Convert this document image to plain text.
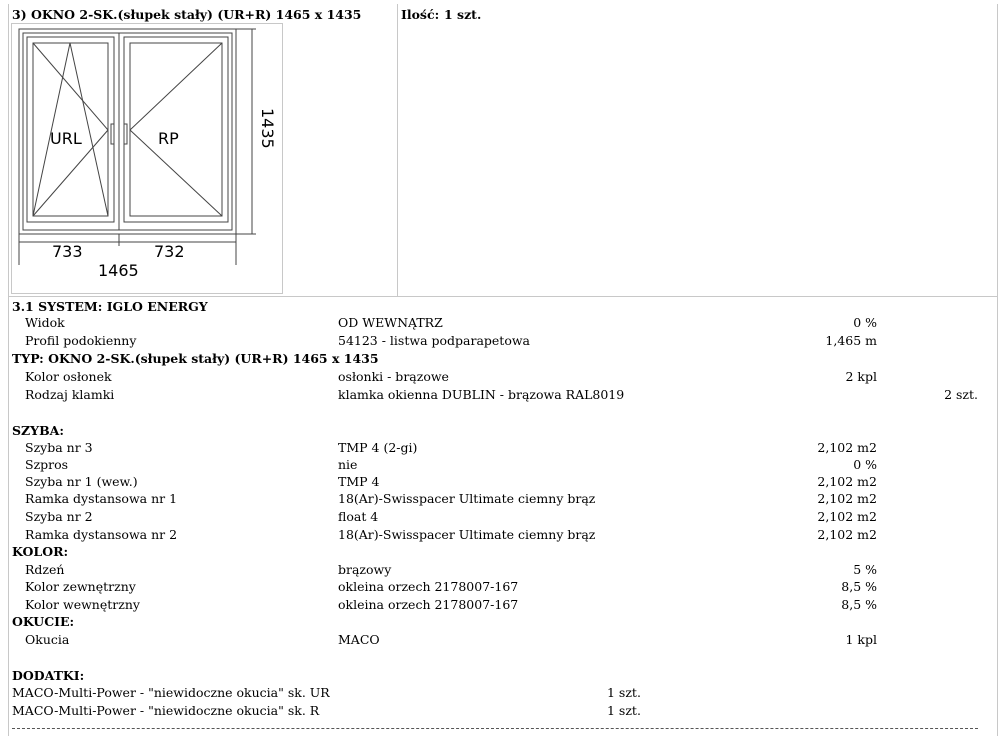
3) OKNO 2-SK.(słupek stały) (UR+R) 1465 x 1435	Ilość: 1 szt.
URL	RP	1435
733	732
1465
3.1 SYSTEM: IGLO ENERGY
Widok	OD WEWNĄTRZ	0 %
Profil podokienny	54123 - listwa podparapetowa	1,465 m
TYP: OKNO 2-SK.(słupek stały) (UR+R) 1465 x 1435
Kolor osłonek	osłonki - brązowe	2 kpl
Rodzaj klamki	klamka okienna DUBLIN - brązowa RAL8019	2 szt.
SZYBA:
Szyba nr 3	TMP 4 (2-gi)	2,102 m2
Szpros	nie	0 %
Szyba nr 1 (wew.)	TMP 4	2,102 m2
Ramka dystansowa nr 1	18(Ar)-Swisspacer Ultimate ciemny brąz	2,102 m2
Szyba nr 2	float 4	2,102 m2
Ramka dystansowa nr 2	18(Ar)-Swisspacer Ultimate ciemny brąz	2,102 m2
KOLOR:
Rdzeń	brązowy	5 %
Kolor zewnętrzny	okleina orzech 2178007-167	8,5 %
Kolor wewnętrzny	okleina orzech 2178007-167	8,5 %
OKUCIE:
Okucia	MACO	1 kpl
DODATKI:
MACO-Multi-Power - "niewidoczne okucia" sk. UR	1 szt.
MACO-Multi-Power - "niewidoczne okucia" sk. R	1 szt.
